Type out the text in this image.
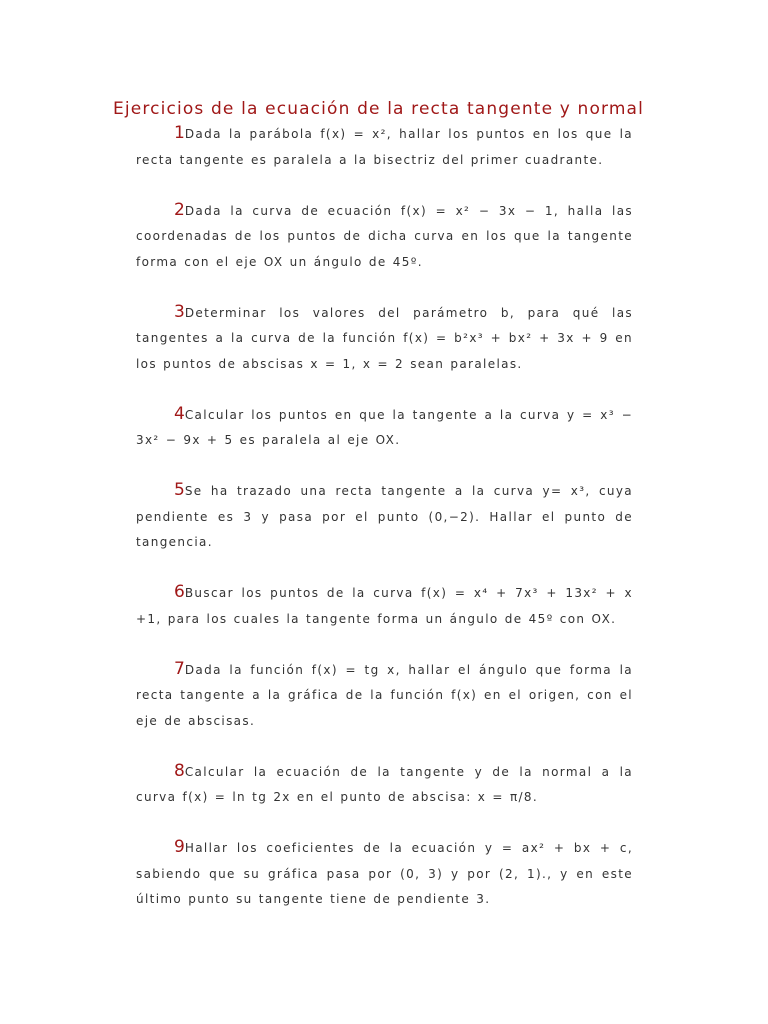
Ejercicios de la ecuación de la recta tangente y normal
1Dada la parábola f(x) = x², hallar los puntos en los que la recta tangente es paralela a la bisectriz del primer cuadrante.
2Dada la curva de ecuación f(x) = x² − 3x − 1, halla las coordenadas de los puntos de dicha curva en los que la tangente forma con el eje OX un ángulo de 45º.
3Determinar los valores del parámetro b, para qué las tangentes a la curva de la función f(x) = b²x³ + bx² + 3x + 9 en los puntos de abscisas x = 1, x = 2 sean paralelas.
4Calcular los puntos en que la tangente a la curva y = x³ − 3x² − 9x + 5 es paralela al eje OX.
5Se ha trazado una recta tangente a la curva y= x³, cuya pendiente es 3 y pasa por el punto (0,−2). Hallar el punto de tangencia.
6Buscar los puntos de la curva f(x) = x⁴ + 7x³ + 13x² + x +1, para los cuales la tangente forma un ángulo de 45º con OX.
7Dada la función f(x) = tg x, hallar el ángulo que forma la recta tangente a la gráfica de la función f(x) en el origen, con el eje de abscisas.
8Calcular la ecuación de la tangente y de la normal a la curva f(x) = ln tg 2x en el punto de abscisa: x = π/8.
9Hallar los coeficientes de la ecuación y = ax² + bx + c, sabiendo que su gráfica pasa por (0, 3) y por (2, 1)., y en este último punto su tangente tiene de pendiente 3.
